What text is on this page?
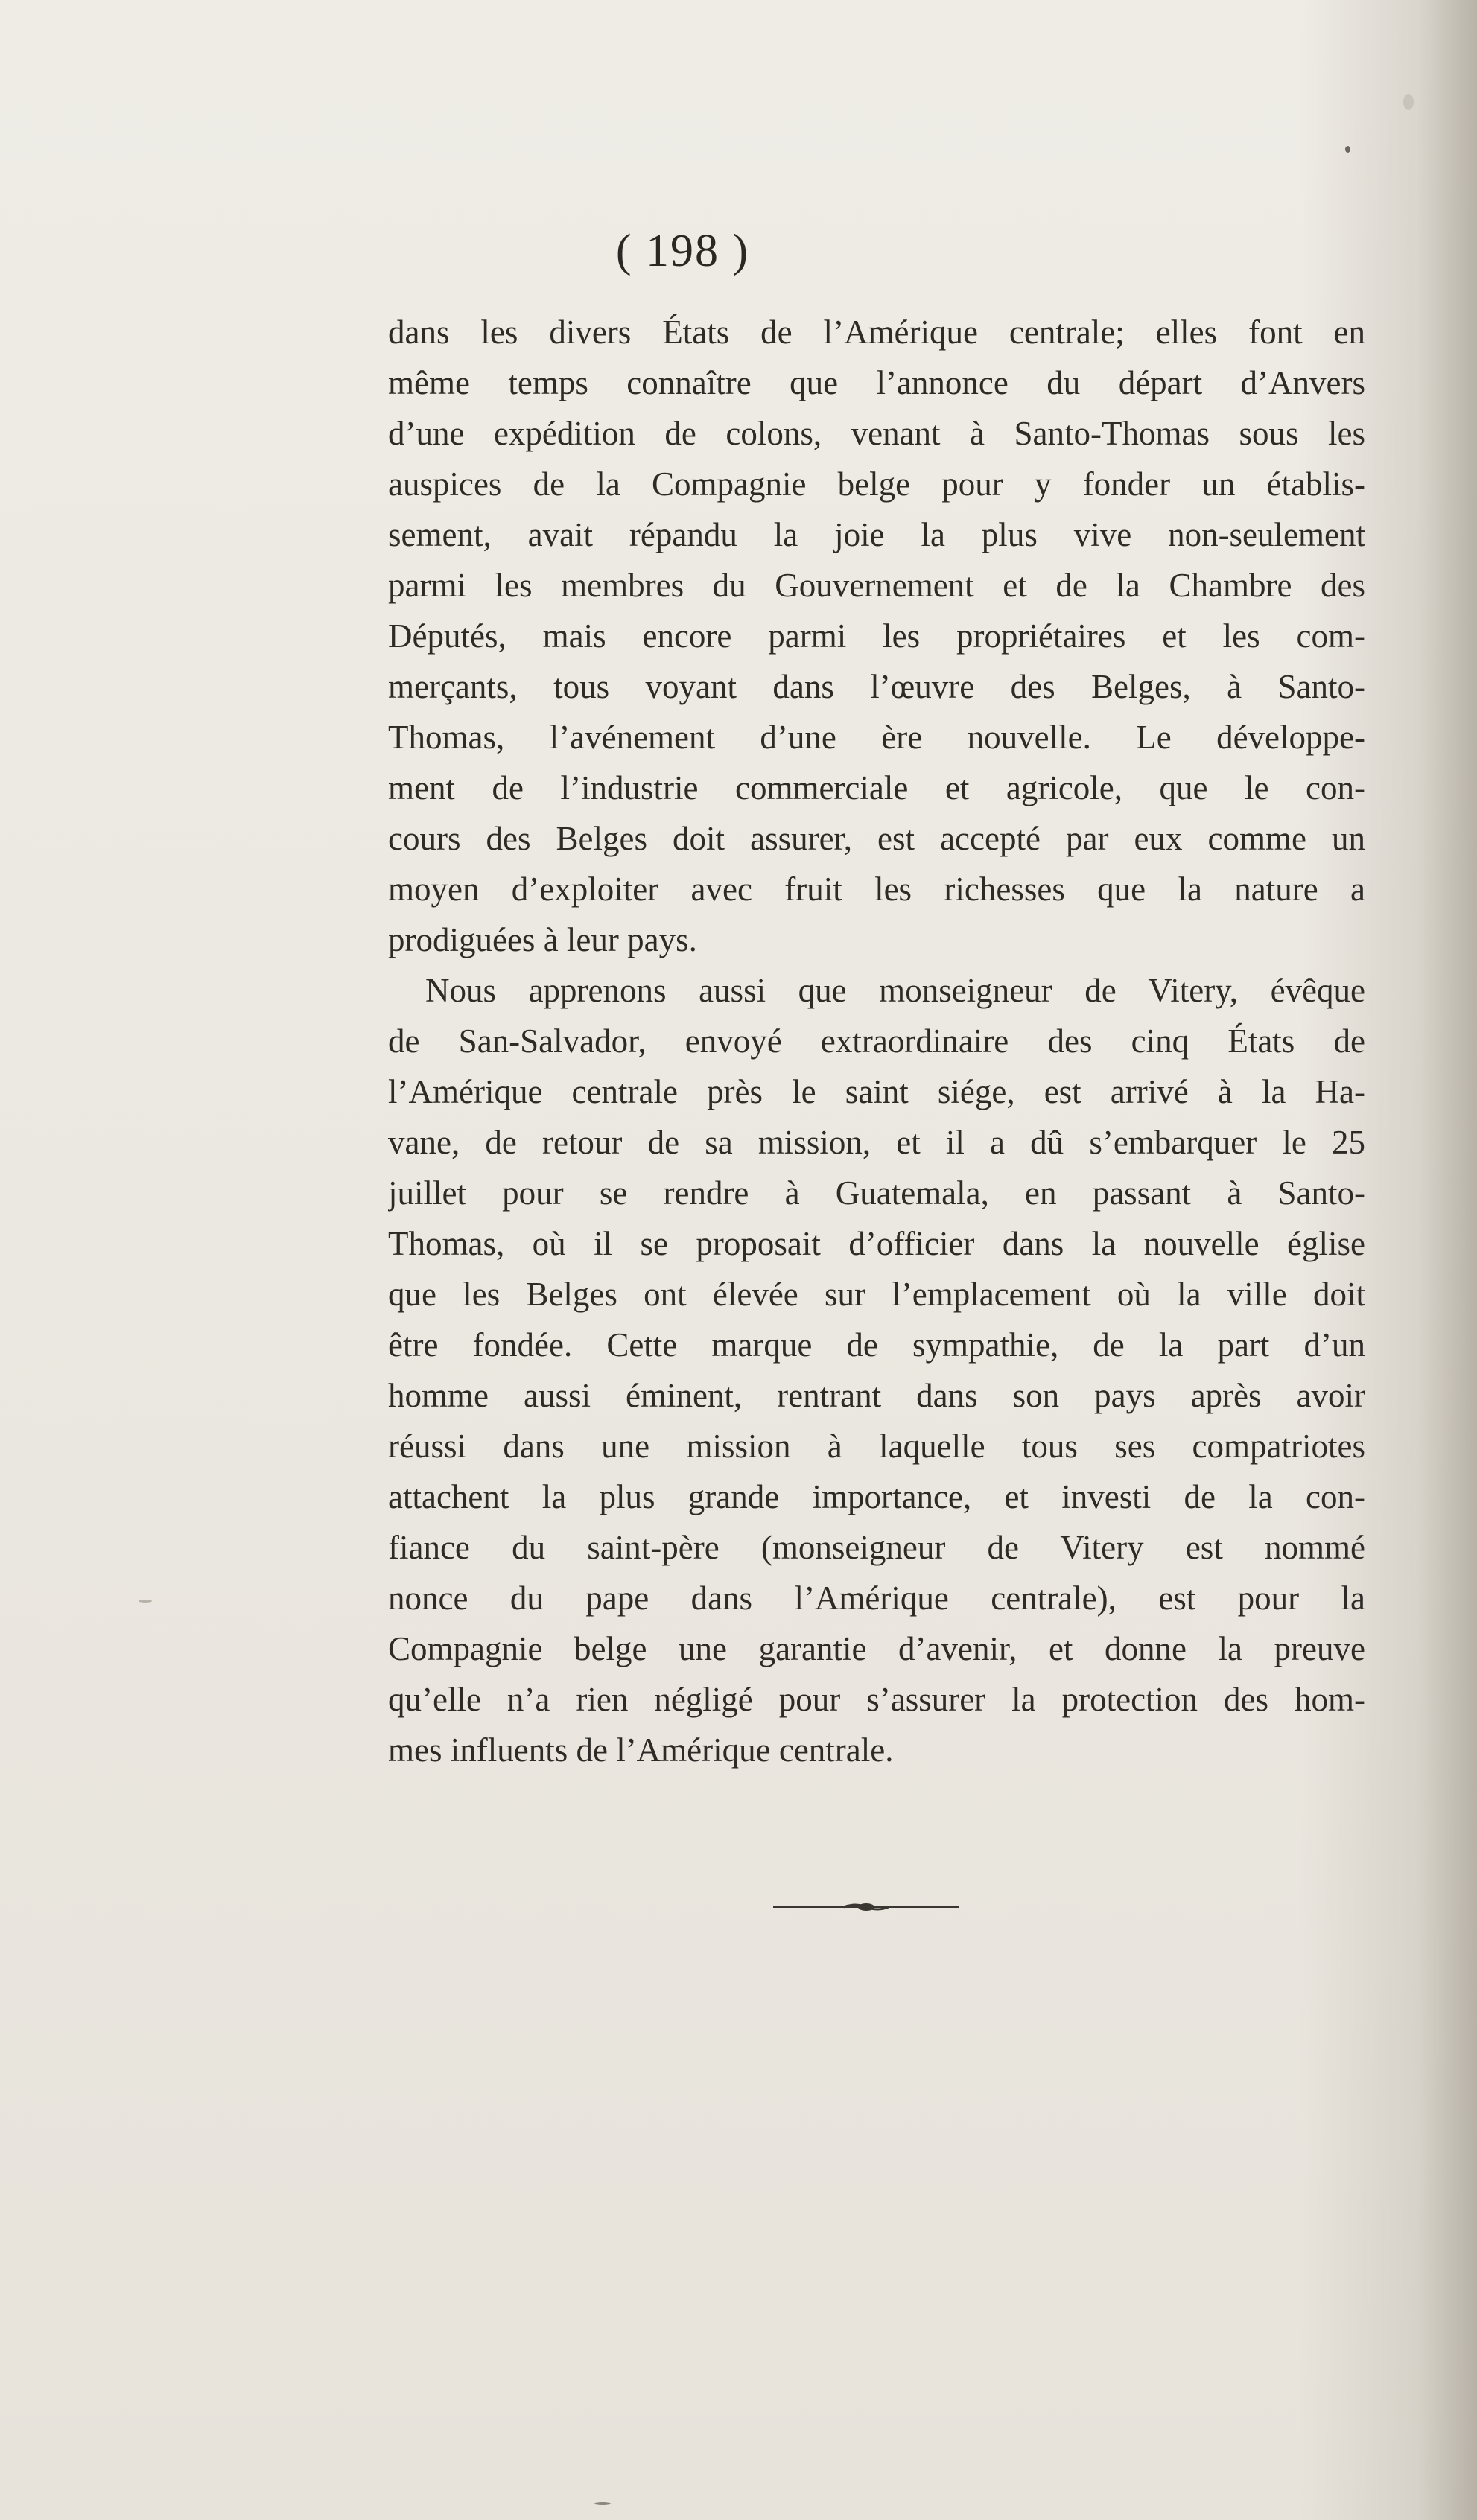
( 198 )
dans les divers États de l’Amérique centrale; elles font en
même temps connaître que l’annonce du départ d’Anvers
d’une expédition de colons, venant à Santo-Thomas sous les
auspices de la Compagnie belge pour y fonder un établis-
sement, avait répandu la joie la plus vive non-seulement
parmi les membres du Gouvernement et de la Chambre des
Députés, mais encore parmi les propriétaires et les com-
merçants, tous voyant dans l’œuvre des Belges, à Santo-
Thomas, l’avénement d’une ère nouvelle. Le développe-
ment de l’industrie commerciale et agricole, que le con-
cours des Belges doit assurer, est accepté par eux comme un
moyen d’exploiter avec fruit les richesses que la nature a
prodiguées à leur pays.
Nous apprenons aussi que monseigneur de Vitery, évêque
de San-Salvador, envoyé extraordinaire des cinq États de
l’Amérique centrale près le saint siége, est arrivé à la Ha-
vane, de retour de sa mission, et il a dû s’embarquer le 25
juillet pour se rendre à Guatemala, en passant à Santo-
Thomas, où il se proposait d’officier dans la nouvelle église
que les Belges ont élevée sur l’emplacement où la ville doit
être fondée. Cette marque de sympathie, de la part d’un
homme aussi éminent, rentrant dans son pays après avoir
réussi dans une mission à laquelle tous ses compatriotes
attachent la plus grande importance, et investi de la con-
fiance du saint-père (monseigneur de Vitery est nommé
nonce du pape dans l’Amérique centrale), est pour la
Compagnie belge une garantie d’avenir, et donne la preuve
qu’elle n’a rien négligé pour s’assurer la protection des hom-
mes influents de l’Amérique centrale.
